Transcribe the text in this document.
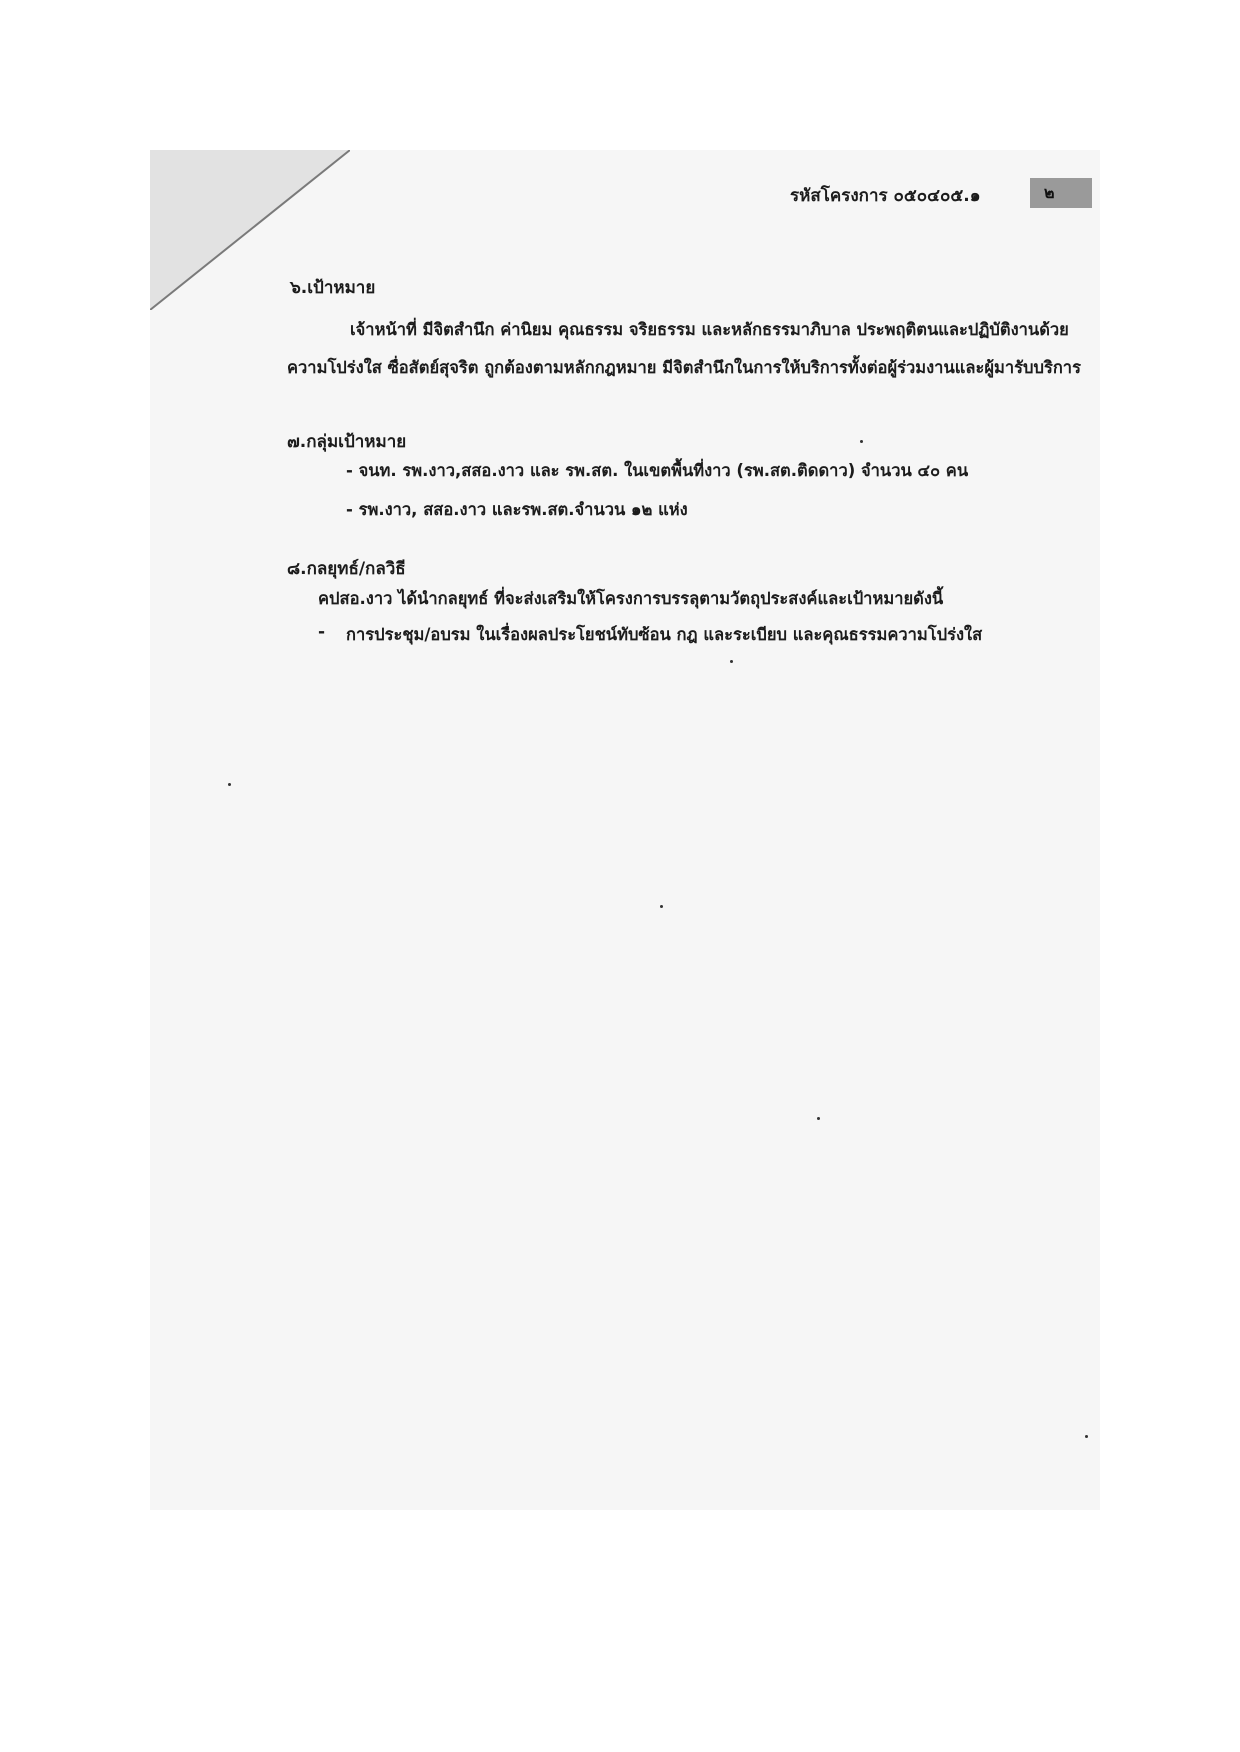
รหัสโครงการ ๐๕๐๔๐๕.๑	๒
๖.เป้าหมาย
เจ้าหน้าที่ มีจิตสำนึก ค่านิยม คุณธรรม จริยธรรม และหลักธรรมาภิบาล ประพฤติตนและปฏิบัติงานด้วย
ความโปร่งใส ซื่อสัตย์สุจริต ถูกต้องตามหลักกฎหมาย มีจิตสำนึกในการให้บริการทั้งต่อผู้ร่วมงานและผู้มารับบริการ
๗.กลุ่มเป้าหมาย
- จนท. รพ.งาว,สสอ.งาว และ รพ.สต. ในเขตพื้นที่งาว (รพ.สต.ติดดาว) จำนวน ๔๐ คน
- รพ.งาว, สสอ.งาว และรพ.สต.จำนวน ๑๒ แห่ง
๘.กลยุทธ์/กลวิธี
คปสอ.งาว ได้นำกลยุทธ์ ที่จะส่งเสริมให้โครงการบรรลุตามวัตถุประสงค์และเป้าหมายดังนี้
- การประชุม/อบรม ในเรื่องผลประโยชน์ทับซ้อน กฎ และระเบียบ และคุณธรรมความโปร่งใส
